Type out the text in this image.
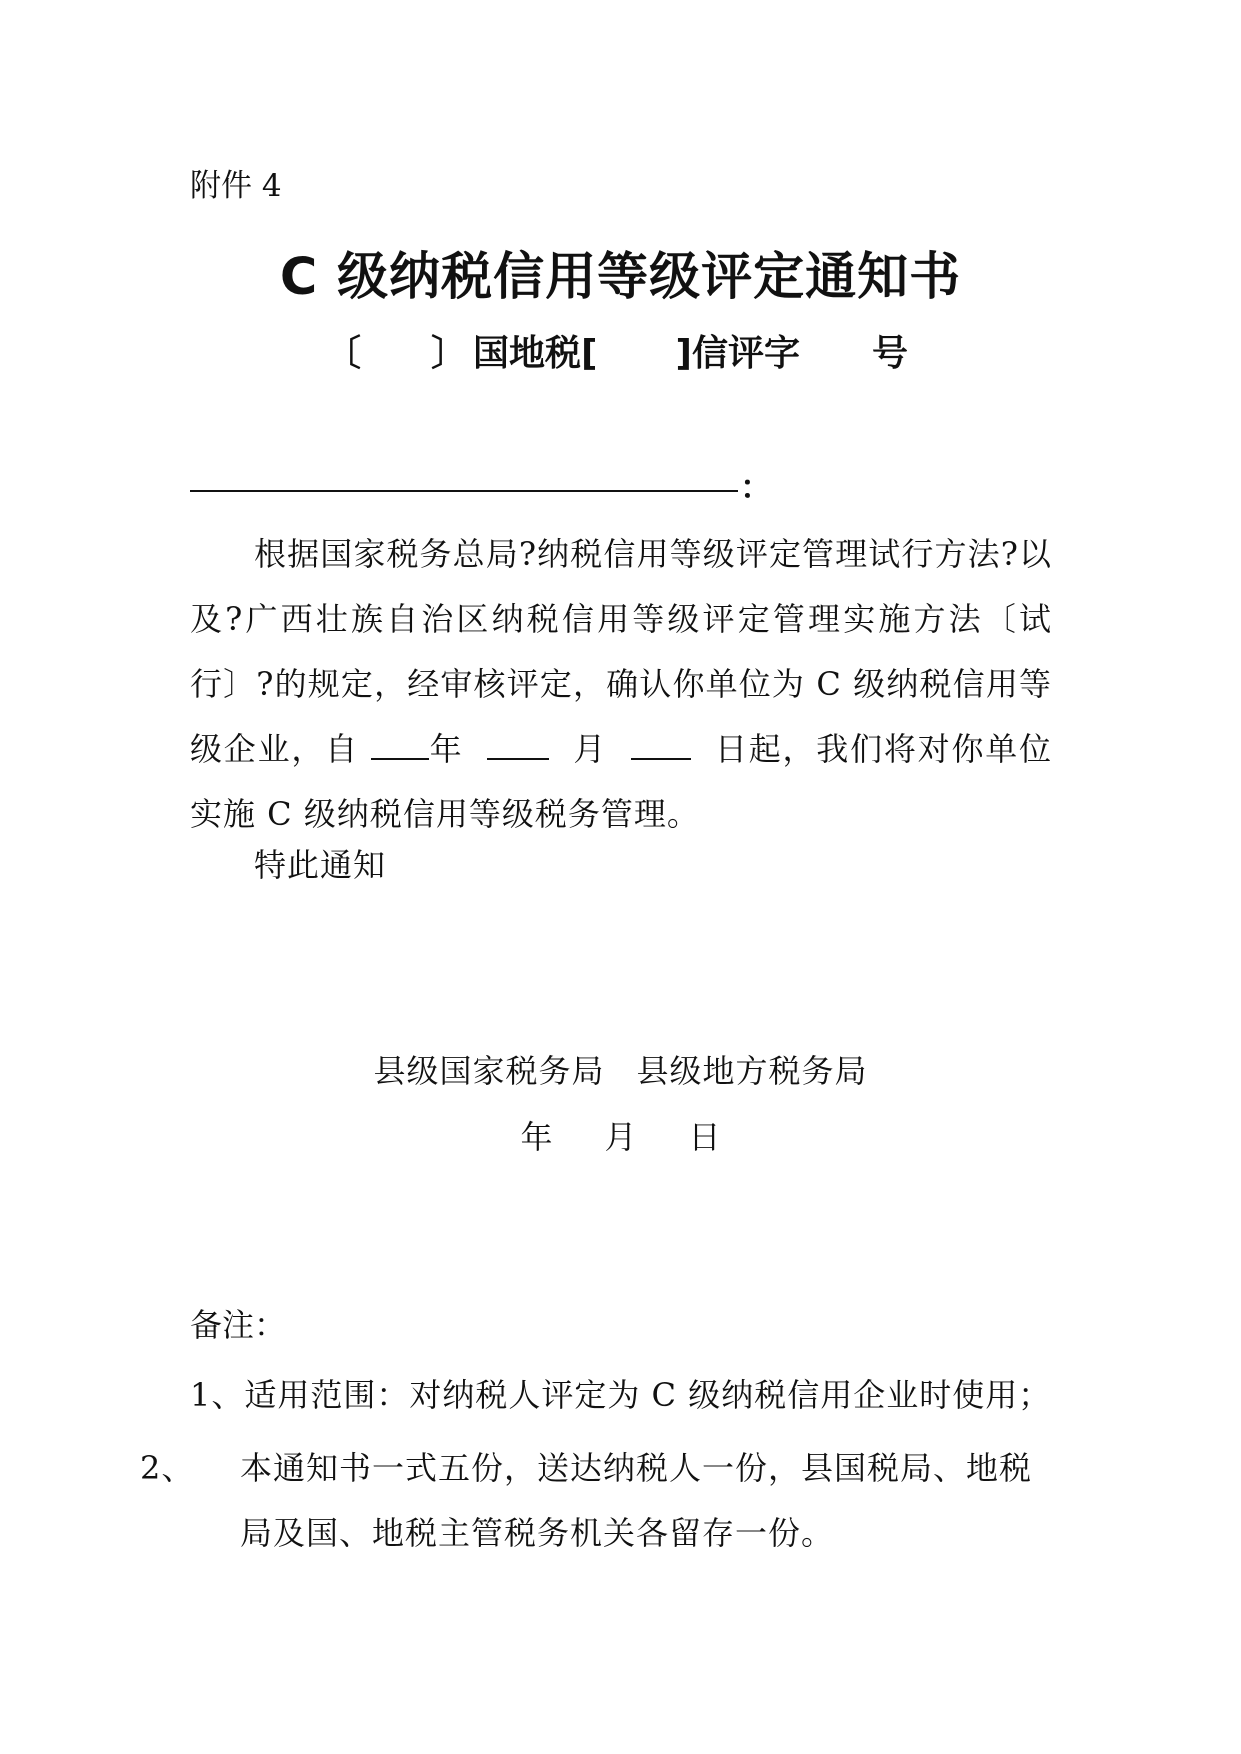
附件 4
C 级纳税信用等级评定通知书
〔 〕 国地税[ ]信评字 号
：
根据国家税务总局?纳税信用等级评定管理试行方法?以及?广西壮族自治区纳税信用等级评定管理实施方法〔试行〕?的规定，经审核评定，确认你单位为 C 级纳税信用等级企业，自 年	月	日起，我们将对你单位实施 C 级纳税信用等级税务管理。
特此通知
县级国家税务局 县级地方税务局
年 月 日
备注：
1、适用范围：对纳税人评定为 C 级纳税信用企业时使用；
2、 本通知书一式五份，送达纳税人一份，县国税局、地税局及国、地税主管税务机关各留存一份。
